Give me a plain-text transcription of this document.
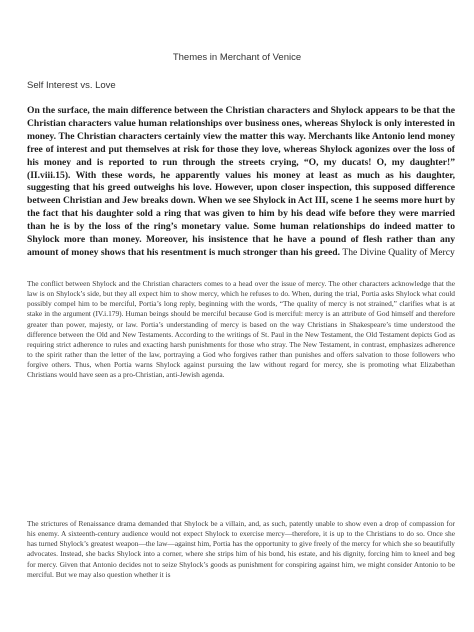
Themes in Merchant of Venice
Self Interest vs. Love
On the surface, the main difference between the Christian characters and Shylock appears to be that the Christian characters value human relationships over business ones, whereas Shylock is only interested in money. The Christian characters certainly view the matter this way. Merchants like Antonio lend money free of interest and put themselves at risk for those they love, whereas Shylock agonizes over the loss of his money and is reported to run through the streets crying, “O, my ducats! O, my daughter!” (II.viii.15). With these words, he apparently values his money at least as much as his daughter, suggesting that his greed outweighs his love. However, upon closer inspection, this supposed difference between Christian and Jew breaks down. When we see Shylock in Act III, scene 1 he seems more hurt by the fact that his daughter sold a ring that was given to him by his dead wife before they were married than he is by the loss of the ring’s monetary value. Some human relationships do indeed matter to Shylock more than money. Moreover, his insistence that he have a pound of flesh rather than any amount of money shows that his resentment is much stronger than his greed. The Divine Quality of Mercy
The conflict between Shylock and the Christian characters comes to a head over the issue of mercy. The other characters acknowledge that the law is on Shylock’s side, but they all expect him to show mercy, which he refuses to do. When, during the trial, Portia asks Shylock what could possibly compel him to be merciful, Portia’s long reply, beginning with the words, “The quality of mercy is not strained,” clarifies what is at stake in the argument (IV.i.179). Human beings should be merciful because God is merciful: mercy is an attribute of God himself and therefore greater than power, majesty, or law. Portia’s understanding of mercy is based on the way Christians in Shakespeare’s time understood the difference between the Old and New Testaments. According to the writings of St. Paul in the New Testament, the Old Testament depicts God as requiring strict adherence to rules and exacting harsh punishments for those who stray. The New Testament, in contrast, emphasizes adherence to the spirit rather than the letter of the law, portraying a God who forgives rather than punishes and offers salvation to those followers who forgive others. Thus, when Portia warns Shylock against pursuing the law without regard for mercy, she is promoting what Elizabethan Christians would have seen as a pro-Christian, anti-Jewish agenda.
The strictures of Renaissance drama demanded that Shylock be a villain, and, as such, patently unable to show even a drop of compassion for his enemy. A sixteenth-century audience would not expect Shylock to exercise mercy—therefore, it is up to the Christians to do so. Once she has turned Shylock’s greatest weapon—the law—against him, Portia has the opportunity to give freely of the mercy for which she so beautifully advocates. Instead, she backs Shylock into a corner, where she strips him of his bond, his estate, and his dignity, forcing him to kneel and beg for mercy. Given that Antonio decides not to seize Shylock’s goods as punishment for conspiring against him, we might consider Antonio to be merciful. But we may also question whether it is
